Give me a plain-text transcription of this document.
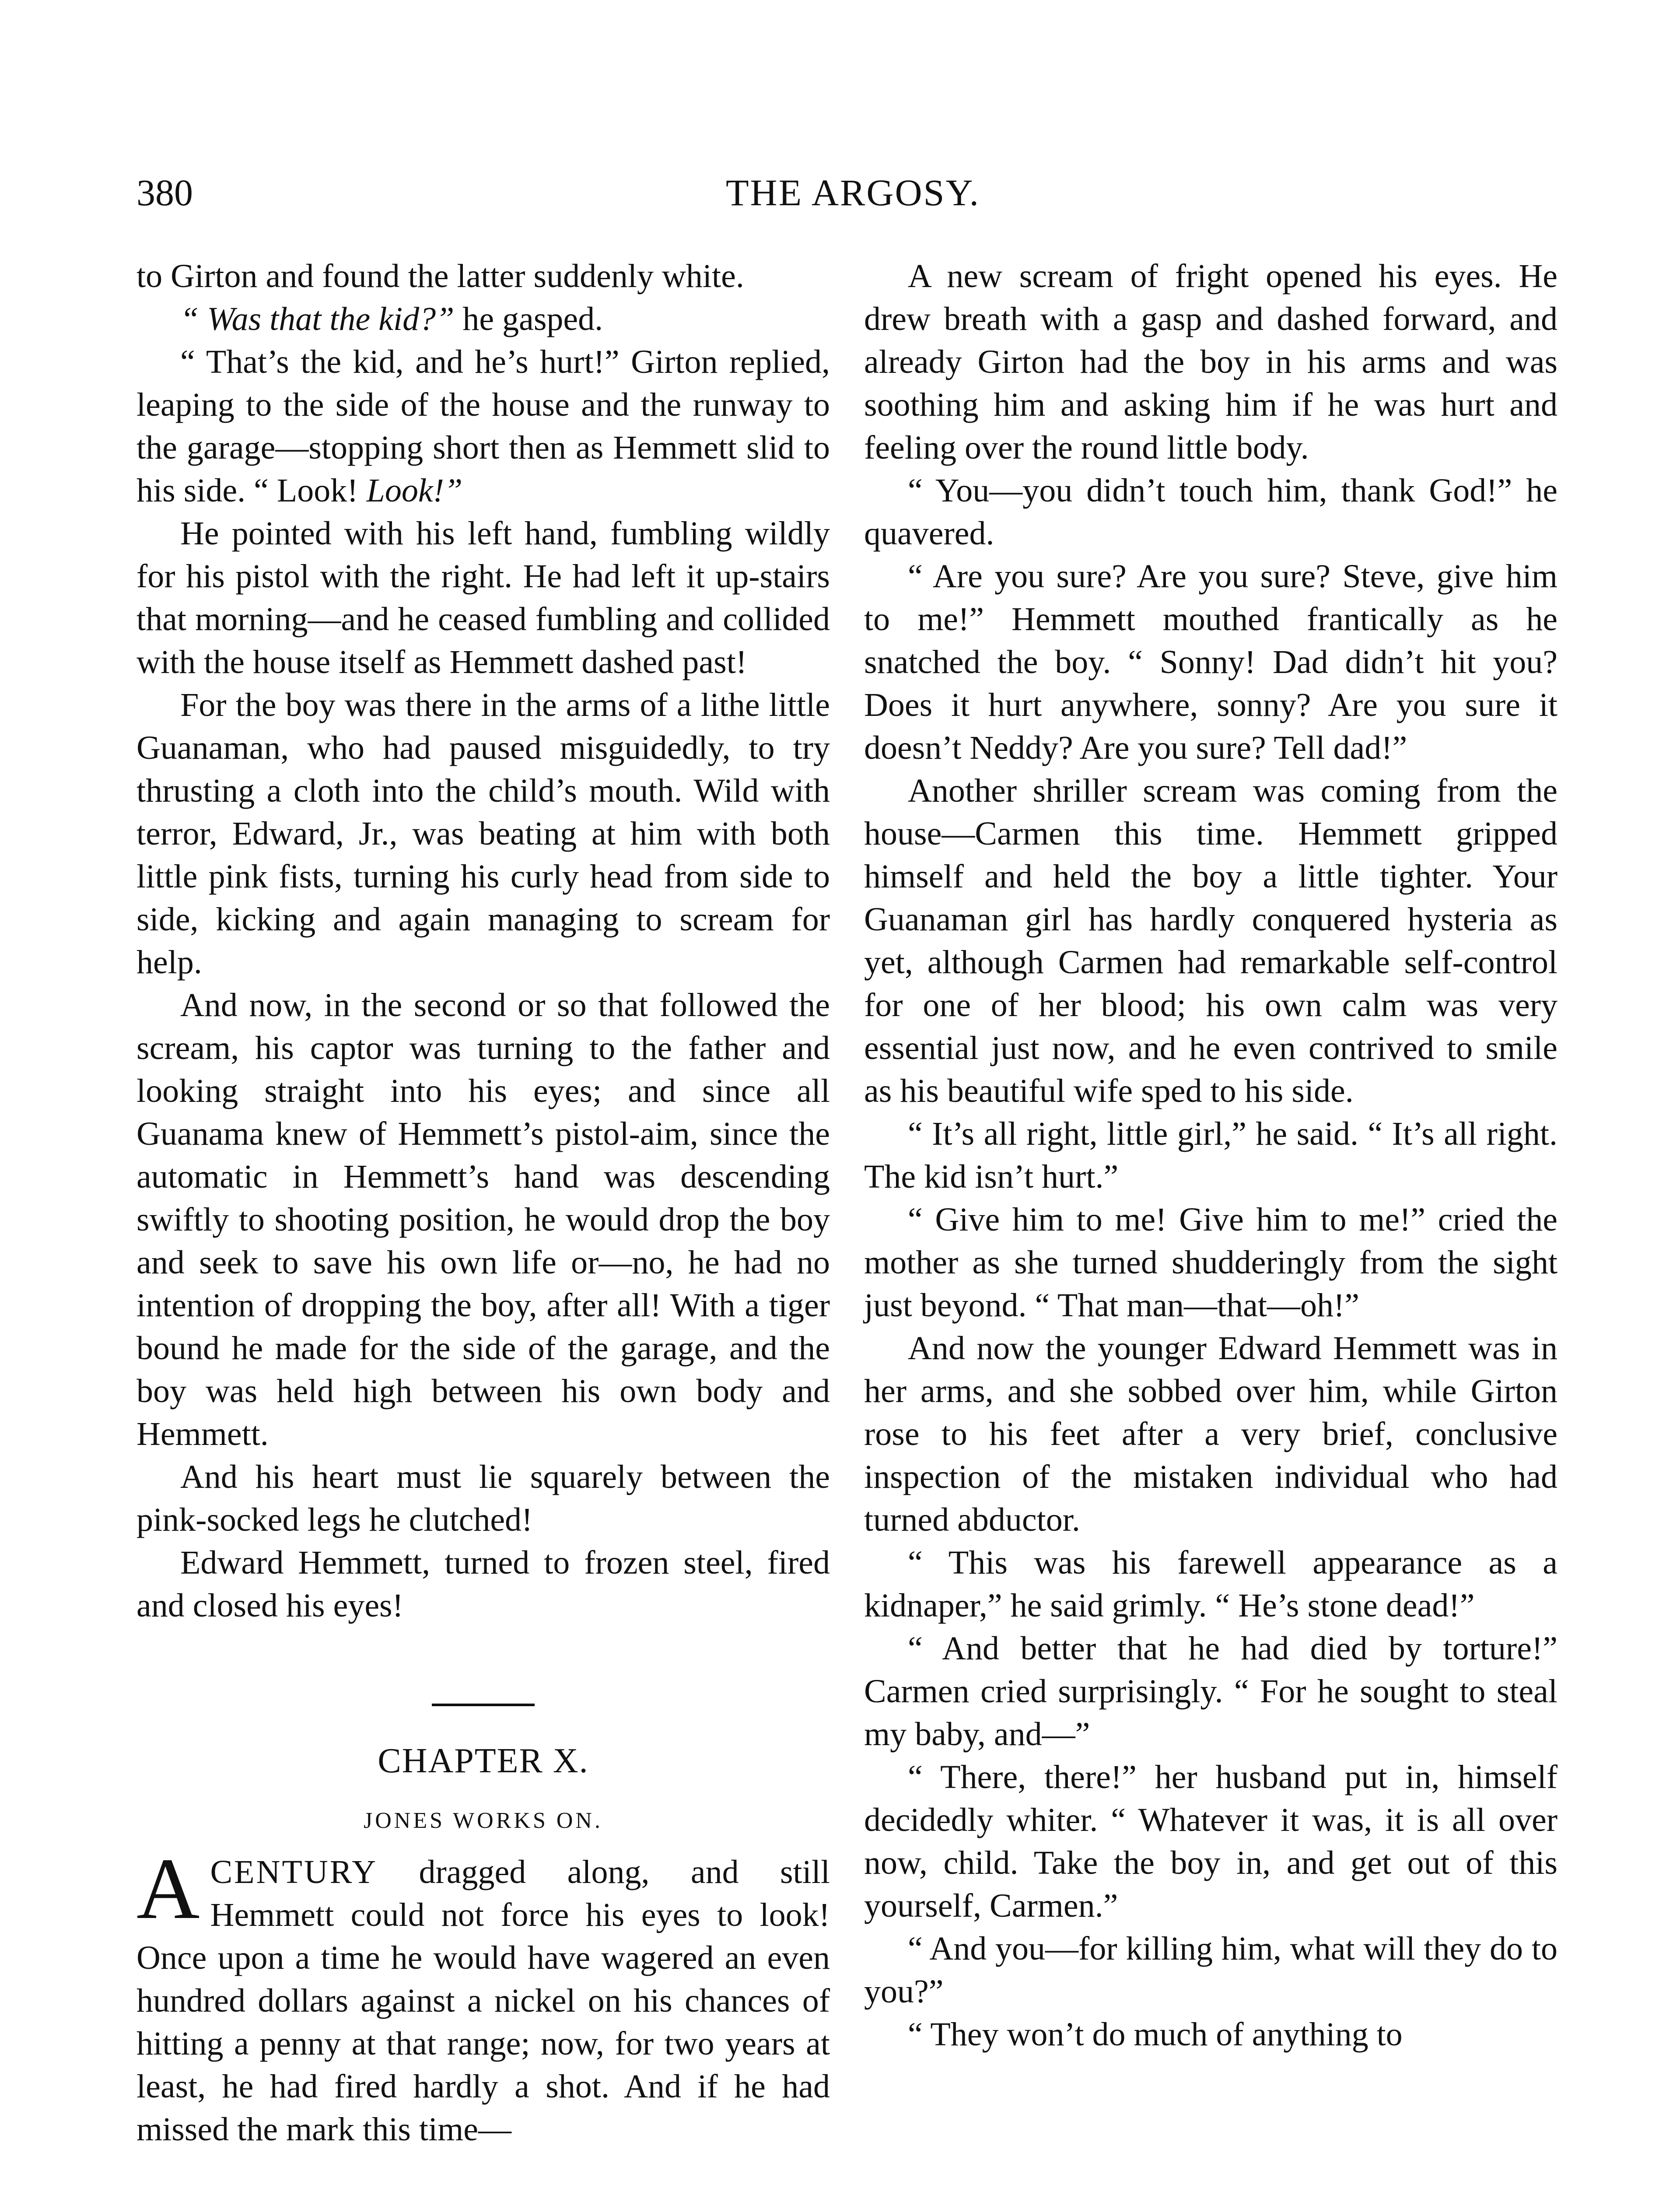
380	THE ARGOSY.

to Girton and found the latter suddenly white.

“ Was that the kid?” he gasped.

“ That’s the kid, and he’s hurt!” Girton replied, leaping to the side of the house and the runway to the garage—stopping short then as Hemmett slid to his side. “ Look! Look!”

He pointed with his left hand, fumbling wildly for his pistol with the right. He had left it up-stairs that morning—and he ceased fumbling and collided with the house itself as Hemmett dashed past!

For the boy was there in the arms of a lithe little Guanaman, who had paused misguidedly, to try thrusting a cloth into the child’s mouth. Wild with terror, Edward, Jr., was beating at him with both little pink fists, turning his curly head from side to side, kicking and again managing to scream for help.

And now, in the second or so that followed the scream, his captor was turning to the father and looking straight into his eyes; and since all Guanama knew of Hemmett’s pistol-aim, since the automatic in Hemmett’s hand was descending swiftly to shooting position, he would drop the boy and seek to save his own life or—no, he had no intention of dropping the boy, after all! With a tiger bound he made for the side of the garage, and the boy was held high between his own body and Hemmett.

And his heart must lie squarely between the pink-socked legs he clutched!

Edward Hemmett, turned to frozen steel, fired and closed his eyes!

CHAPTER X.

JONES WORKS ON.

ACENTURY dragged along, and still Hemmett could not force his eyes to look! Once upon a time he would have wagered an even hundred dollars against a nickel on his chances of hitting a penny at that range; now, for two years at least, he had fired hardly a shot. And if he had missed the mark this time—

A new scream of fright opened his eyes. He drew breath with a gasp and dashed forward, and already Girton had the boy in his arms and was soothing him and asking him if he was hurt and feeling over the round little body.

“ You—you didn’t touch him, thank God!” he quavered.

“ Are you sure? Are you sure? Steve, give him to me!” Hemmett mouthed frantically as he snatched the boy. “ Sonny! Dad didn’t hit you? Does it hurt anywhere, sonny? Are you sure it doesn’t Neddy? Are you sure? Tell dad!”

Another shriller scream was coming from the house—Carmen this time. Hemmett gripped himself and held the boy a little tighter. Your Guanaman girl has hardly conquered hysteria as yet, although Carmen had remarkable self-control for one of her blood; his own calm was very essential just now, and he even contrived to smile as his beautiful wife sped to his side.

“ It’s all right, little girl,” he said. “ It’s all right. The kid isn’t hurt.”

“ Give him to me! Give him to me!” cried the mother as she turned shudderingly from the sight just beyond. “ That man—that—oh!”

And now the younger Edward Hemmett was in her arms, and she sobbed over him, while Girton rose to his feet after a very brief, conclusive inspection of the mistaken individual who had turned abductor.

“ This was his farewell appearance as a kidnaper,” he said grimly. “ He’s stone dead!”

“ And better that he had died by torture!” Carmen cried surprisingly. “ For he sought to steal my baby, and—”

“ There, there!” her husband put in, himself decidedly whiter. “ Whatever it was, it is all over now, child. Take the boy in, and get out of this yourself, Carmen.”

“ And you—for killing him, what will they do to you?”

“ They won’t do much of anything to
